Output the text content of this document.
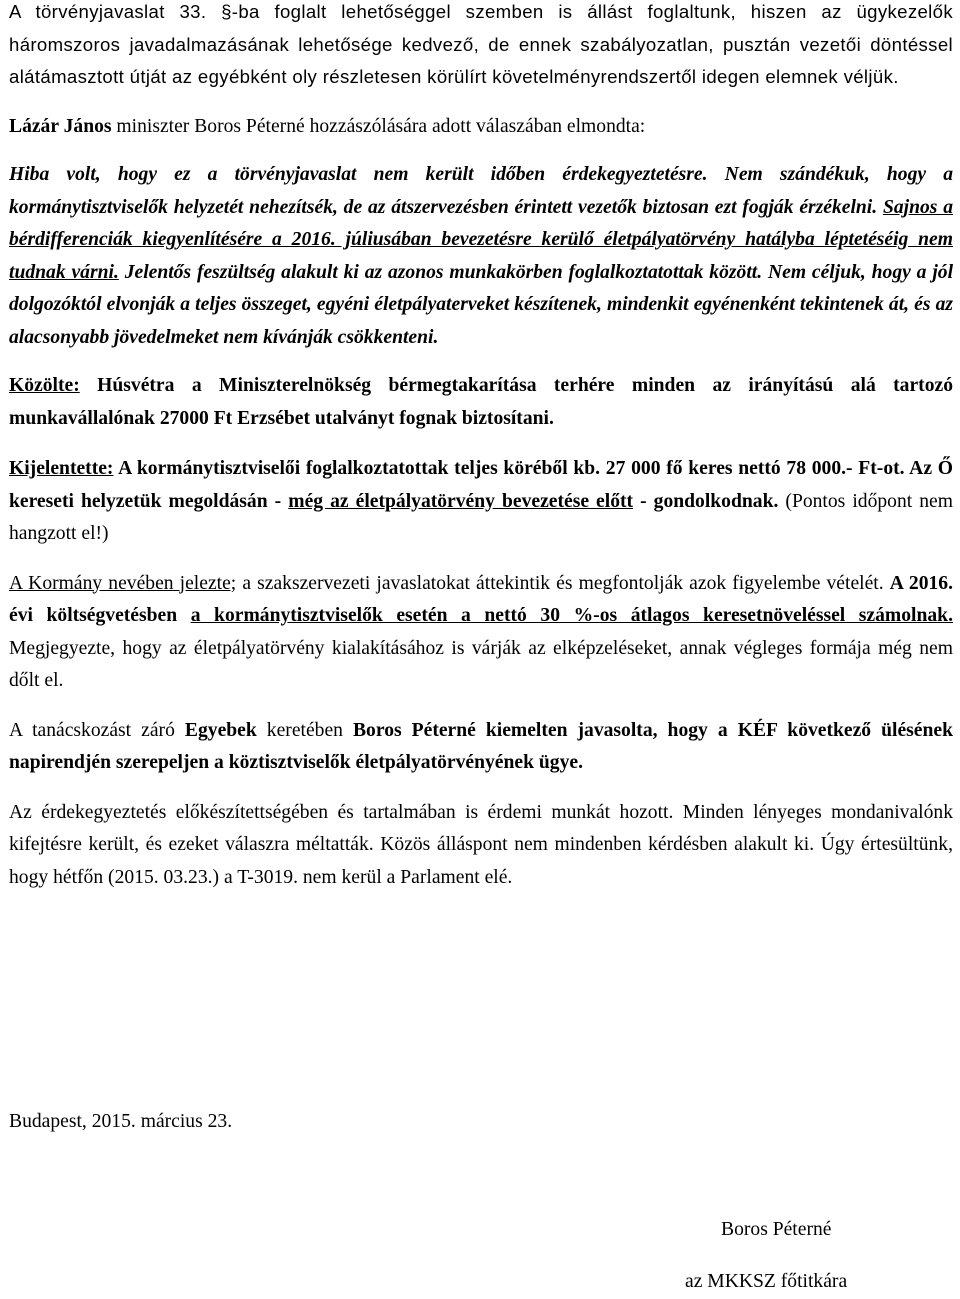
A törvényjavaslat 33. §-ba foglalt lehetőséggel szemben is állást foglaltunk, hiszen az ügykezelők háromszoros javadalmazásának lehetősége kedvező, de ennek szabályozatlan, pusztán vezetői döntéssel alátámasztott útját az egyébként oly részletesen körülírt követelményrendszertől idegen elemnek véljük.

Lázár János miniszter Boros Péterné hozzászólására adott válaszában elmondta:

Hiba volt, hogy ez a törvényjavaslat nem került időben érdekegyeztetésre. Nem szándékuk, hogy a kormánytisztviselők helyzetét nehezítsék, de az átszervezésben érintett vezetők biztosan ezt fogják érzékelni. Sajnos a bérdifferenciák kiegyenlítésére a 2016. júliusában bevezetésre kerülő életpályatörvény hatályba léptetéséig nem tudnak várni. Jelentős feszültség alakult ki az azonos munkakörben foglalkoztatottak között. Nem céljuk, hogy a jól dolgozóktól elvonják a teljes összeget, egyéni életpályaterveket készítenek, mindenkit egyénenként tekintenek át, és az alacsonyabb jövedelmeket nem kívánják csökkenteni.

Közölte: Húsvétra a Miniszterelnökség bérmegtakarítása terhére minden az irányítású alá tartozó munkavállalónak 27000 Ft Erzsébet utalványt fognak biztosítani.

Kijelentette: A kormánytisztviselői foglalkoztatottak teljes köréből kb. 27 000 fő keres nettó 78 000.- Ft-ot. Az Ő kereseti helyzetük megoldásán - még az életpályatörvény bevezetése előtt - gondolkodnak. (Pontos időpont nem hangzott el!)

A Kormány nevében jelezte; a szakszervezeti javaslatokat áttekintik és megfontolják azok figyelembe vételét. A 2016. évi költségvetésben a kormánytisztviselők esetén a nettó 30 %-os átlagos keresetnöveléssel számolnak. Megjegyezte, hogy az életpályatörvény kialakításához is várják az elképzeléseket, annak végleges formája még nem dőlt el.

A tanácskozást záró Egyebek keretében Boros Péterné kiemelten javasolta, hogy a KÉF következő ülésének napirendjén szerepeljen a köztisztviselők életpályatörvényének ügye.

Az érdekegyeztetés előkészítettségében és tartalmában is érdemi munkát hozott. Minden lényeges mondanivalónk kifejtésre került, és ezeket válaszra méltatták. Közös álláspont nem mindenben kérdésben alakult ki. Úgy értesültünk, hogy hétfőn (2015. 03.23.) a T-3019. nem kerül a Parlament elé.

Budapest, 2015. március 23.
Boros Péterné
az MKKSZ főtitkára
